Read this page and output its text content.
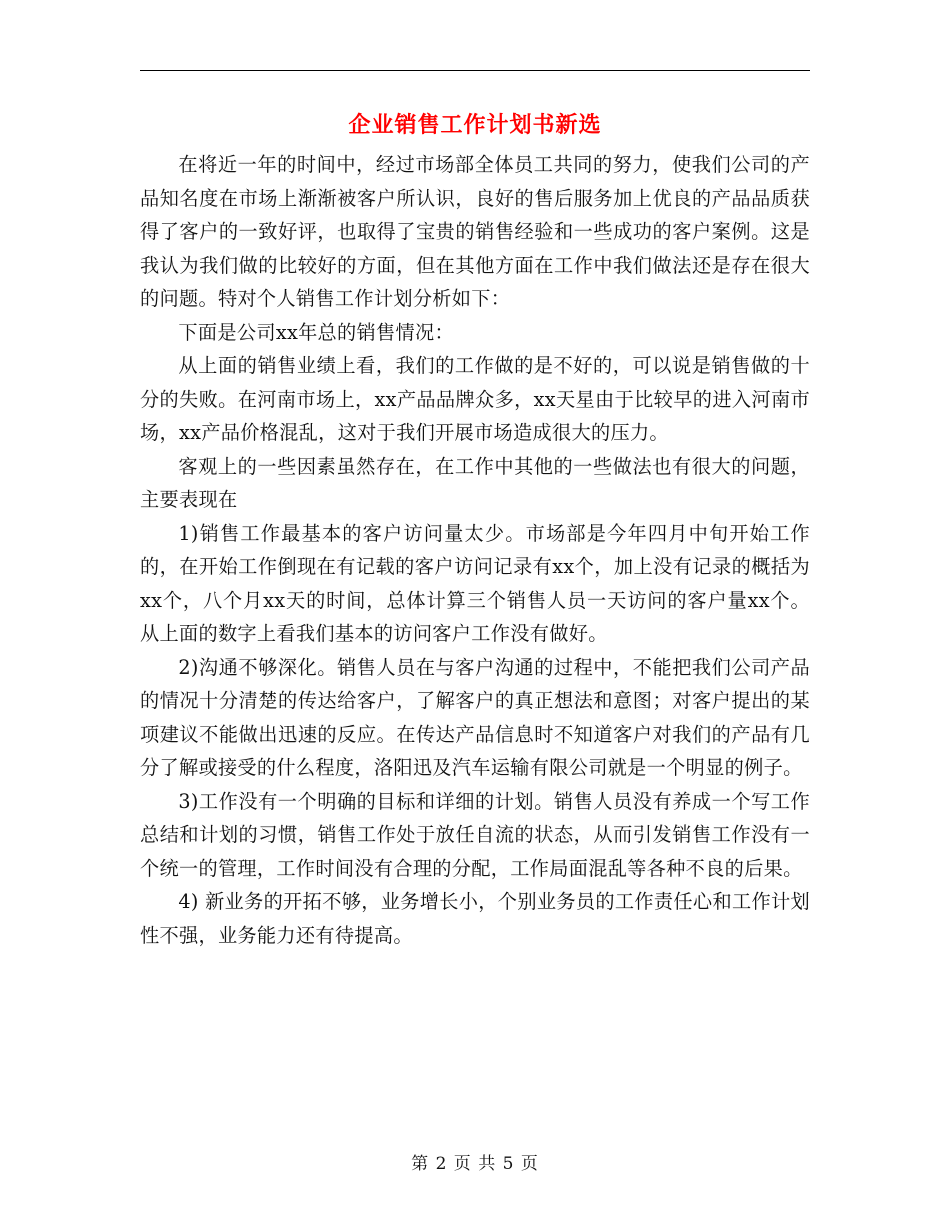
企业销售工作计划书新选

在将近一年的时间中，经过市场部全体员工共同的努力，使我们公司的产品知名度在市场上渐渐被客户所认识，良好的售后服务加上优良的产品品质获得了客户的一致好评，也取得了宝贵的销售经验和一些成功的客户案例。这是我认为我们做的比较好的方面，但在其他方面在工作中我们做法还是存在很大的问题。特对个人销售工作计划分析如下：

下面是公司xx年总的销售情况：

从上面的销售业绩上看，我们的工作做的是不好的，可以说是销售做的十分的失败。在河南市场上，xx产品品牌众多，xx天星由于比较早的进入河南市场，xx产品价格混乱，这对于我们开展市场造成很大的压力。

客观上的一些因素虽然存在，在工作中其他的一些做法也有很大的问题，主要表现在

1)销售工作最基本的客户访问量太少。市场部是今年四月中旬开始工作的，在开始工作倒现在有记载的客户访问记录有xx个，加上没有记录的概括为xx个，八个月xx天的时间，总体计算三个销售人员一天访问的客户量xx个。从上面的数字上看我们基本的访问客户工作没有做好。

2)沟通不够深化。销售人员在与客户沟通的过程中，不能把我们公司产品的情况十分清楚的传达给客户，了解客户的真正想法和意图；对客户提出的某项建议不能做出迅速的反应。在传达产品信息时不知道客户对我们的产品有几分了解或接受的什么程度，洛阳迅及汽车运输有限公司就是一个明显的例子。

3)工作没有一个明确的目标和详细的计划。销售人员没有养成一个写工作总结和计划的习惯，销售工作处于放任自流的状态，从而引发销售工作没有一个统一的管理，工作时间没有合理的分配，工作局面混乱等各种不良的后果。

4) 新业务的开拓不够，业务增长小，个别业务员的工作责任心和工作计划性不强，业务能力还有待提高。

第 2 页 共 5 页
